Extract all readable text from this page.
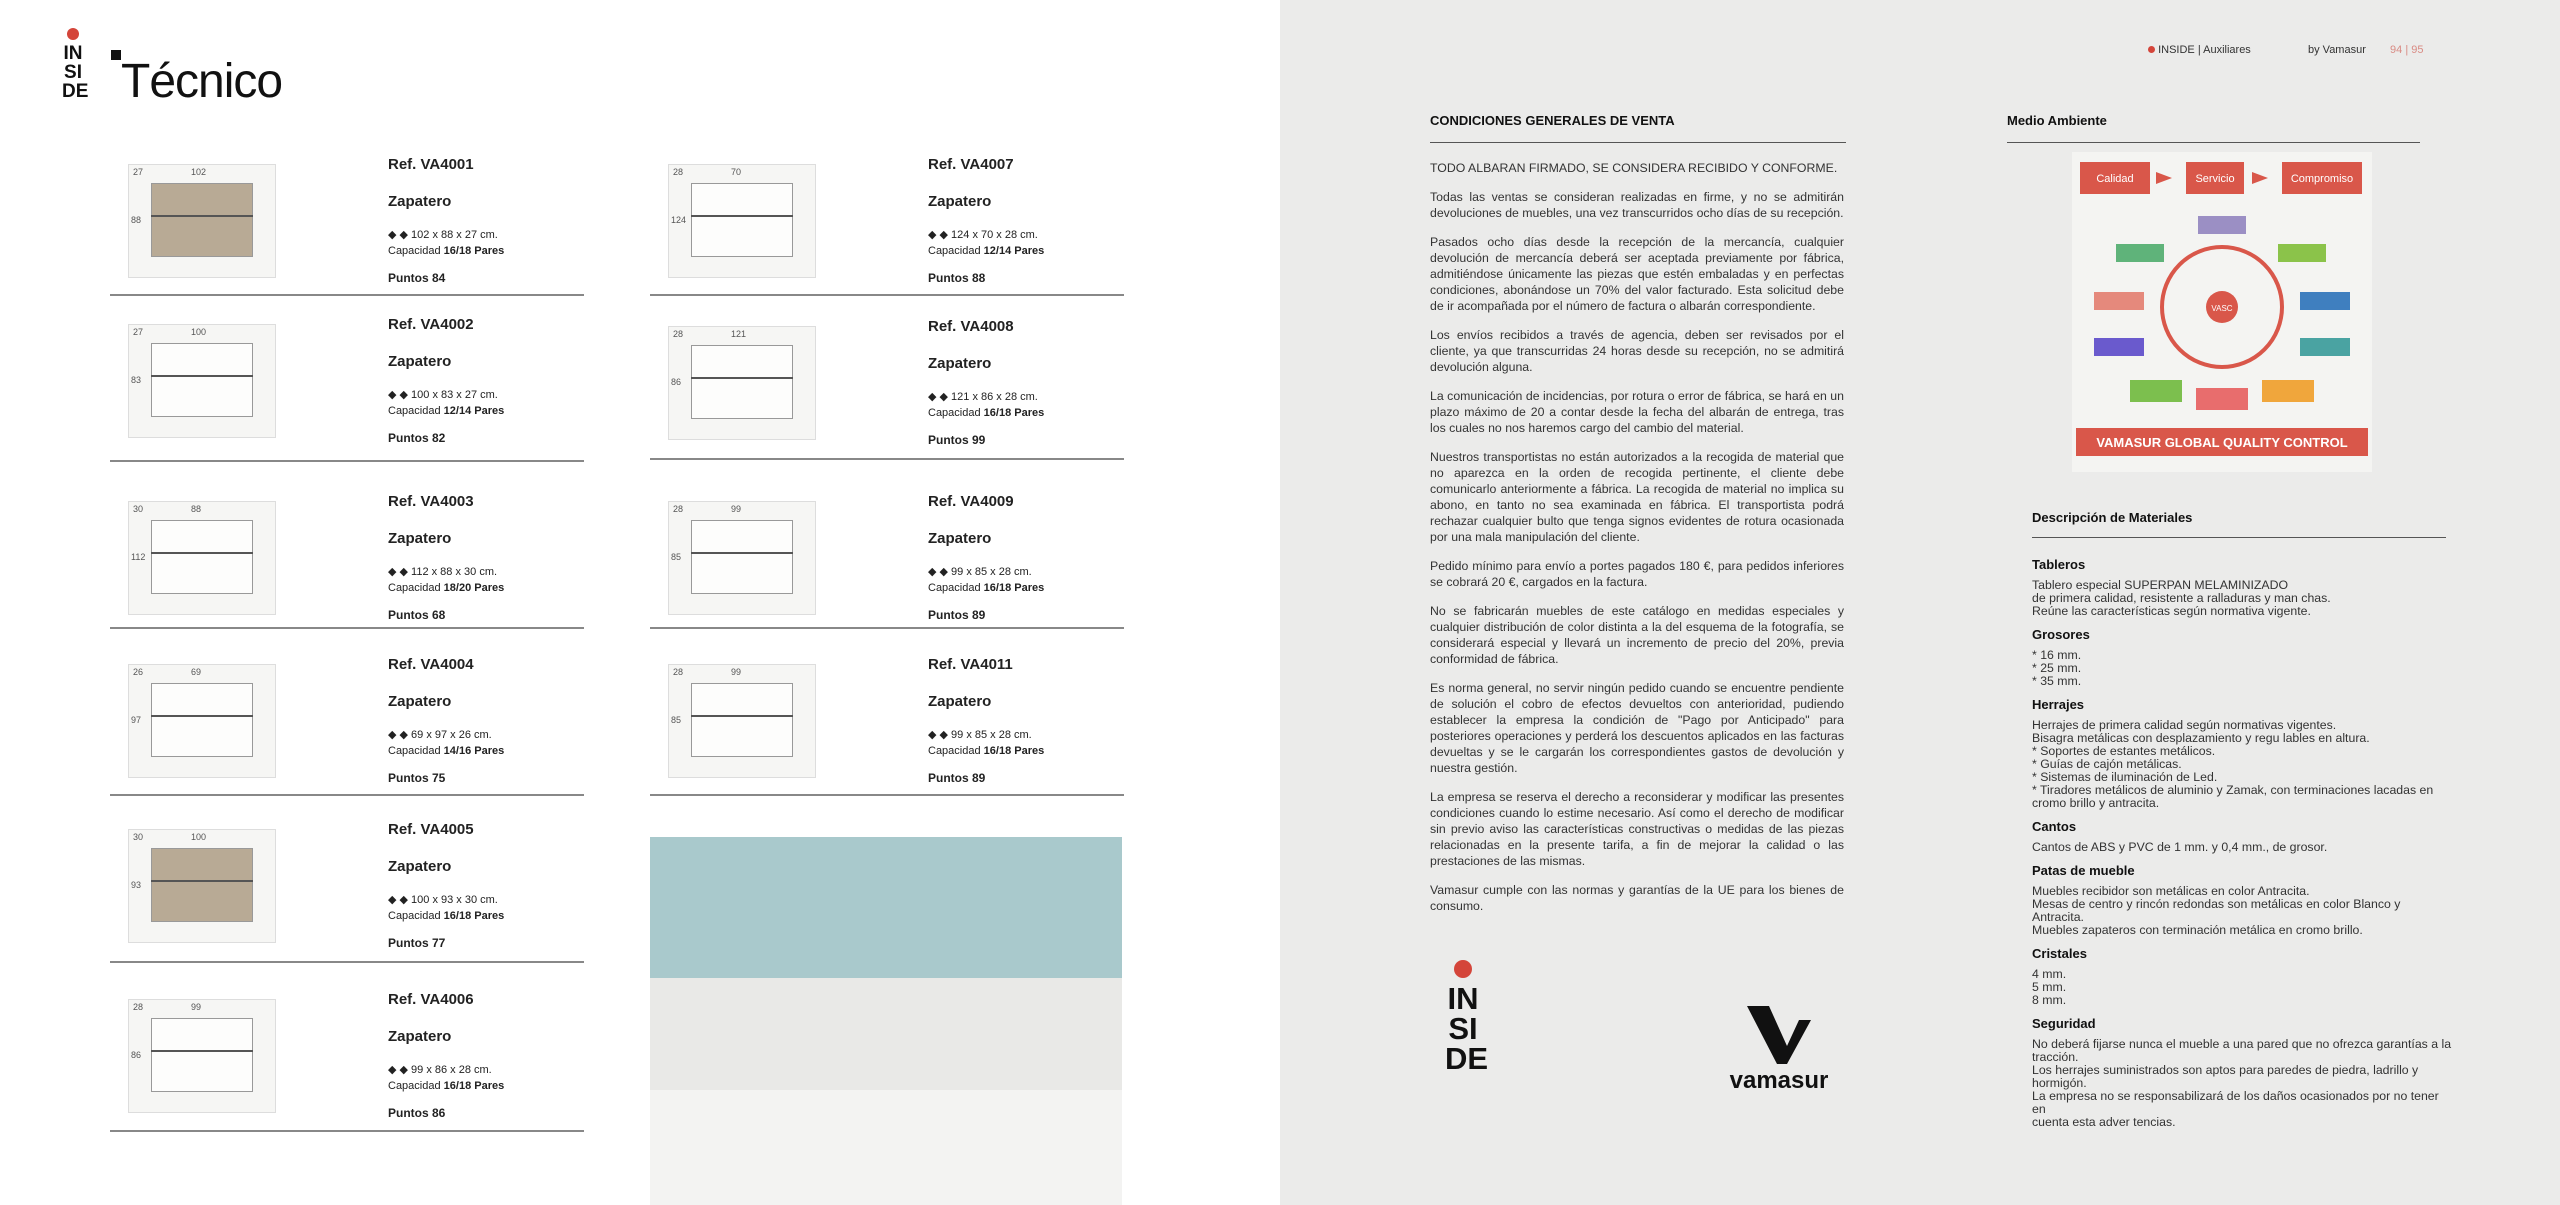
IN
SI
DE Técnico
102
88
27	Ref. VA4001
Zapatero
◆ ◆ 102 x 88 x 27 cm.
Capacidad 16/18 Pares
Puntos 84
100
83
27	Ref. VA4002
Zapatero
◆ ◆ 100 x 83 x 27 cm.
Capacidad 12/14 Pares
Puntos 82
88
112
30	Ref. VA4003
Zapatero
◆ ◆ 112 x 88 x 30 cm.
Capacidad 18/20 Pares
Puntos 68
69
97
26	Ref. VA4004
Zapatero
◆ ◆ 69 x 97 x 26 cm.
Capacidad 14/16 Pares
Puntos 75
100
93
30	Ref. VA4005
Zapatero
◆ ◆ 100 x 93 x 30 cm.
Capacidad 16/18 Pares
Puntos 77
99
86
28	Ref. VA4006
Zapatero
◆ ◆ 99 x 86 x 28 cm.
Capacidad 16/18 Pares
Puntos 86
70
124
28	Ref. VA4007
Zapatero
◆ ◆ 124 x 70 x 28 cm.
Capacidad 12/14 Pares
Puntos 88
121
86
28	Ref. VA4008
Zapatero
◆ ◆ 121 x 86 x 28 cm.
Capacidad 16/18 Pares
Puntos 99
99
85
28	Ref. VA4009
Zapatero
◆ ◆ 99 x 85 x 28 cm.
Capacidad 16/18 Pares
Puntos 89
99
85
28	Ref. VA4011
Zapatero
◆ ◆ 99 x 85 x 28 cm.
Capacidad 16/18 Pares
Puntos 89
INSIDE | Auxiliares	by Vamasur 94 | 95
CONDICIONES GENERALES DE VENTA

TODO ALBARAN FIRMADO, SE CONSIDERA RECIBIDO Y CONFORME.

Todas las ventas se consideran realizadas en firme, y no se admitirán devoluciones de muebles, una vez transcurridos ocho días de su recepción.

Pasados ocho días desde la recepción de la mercancía, cualquier devolución de mercancía deberá ser aceptada previamente por fábrica, admitiéndose únicamente las piezas que estén embaladas y en perfectas condiciones, abonándose un 70% del valor facturado. Esta solicitud debe de ir acompañada por el número de factura o albarán correspondiente.

Los envíos recibidos a través de agencia, deben ser revisados por el cliente, ya que transcurridas 24 horas desde su recepción, no se admitirá devolución alguna.

La comunicación de incidencias, por rotura o error de fábrica, se hará en un plazo máximo de 20 a contar desde la fecha del albarán de entrega, tras los cuales no nos haremos cargo del cambio del material.

Nuestros transportistas no están autorizados a la recogida de material que no aparezca en la orden de recogida pertinente, el cliente debe comunicarlo anteriormente a fábrica. La recogida de material no implica su abono, en tanto no sea examinada en fábrica. El transportista podrá rechazar cualquier bulto que tenga signos evidentes de rotura ocasionada por una mala manipulación del cliente.

Pedido mínimo para envío a portes pagados 180 €, para pedidos inferiores se cobrará 20 €, cargados en la factura.

No se fabricarán muebles de este catálogo en medidas especiales y cualquier distribución de color distinta a la del esquema de la fotografía, se considerará especial y llevará un incremento de precio del 20%, previa conformidad de fábrica.

Es norma general, no servir ningún pedido cuando se encuentre pendiente de solución el cobro de efectos devueltos con anterioridad, pudiendo establecer la empresa la condición de "Pago por Anticipado" para posteriores operaciones y perderá los descuentos aplicados en las facturas devueltas y se le cargarán los correspondientes gastos de devolución y nuestra gestión.

La empresa se reserva el derecho a reconsiderar y modificar las presentes condiciones cuando lo estime necesario. Así como el derecho de modificar sin previo aviso las características constructivas o medidas de las piezas relacionadas en la presente tarifa, a fin de mejorar la calidad o las prestaciones de las mismas.

Vamasur cumple con las normas y garantías de la UE para los bienes de consumo.

Medio Ambiente
Calidad	Servicio	Compromiso
VASC
VAMASUR GLOBAL QUALITY CONTROL
Descripción de Materiales
Tableros

Tablero especial SUPERPAN MELAMINIZADO
de primera calidad, resistente a ralladuras y man chas.
Reúne las características según normativa vigente.

Grosores

* 16 mm.
* 25 mm.
* 35 mm.

Herrajes

Herrajes de primera calidad según normativas vigentes.
Bisagra metálicas con desplazamiento y regu lables en altura.
* Soportes de estantes metálicos.
* Guías de cajón metálicas.
* Sistemas de iluminación de Led.
* Tiradores metálicos de aluminio y Zamak, con terminaciones lacadas en
cromo brillo y antracita.

Cantos

Cantos de ABS y PVC de 1 mm. y 0,4 mm., de grosor.

Patas de mueble

Muebles recibidor son metálicas en color Antracita.
Mesas de centro y rincón redondas son metálicas en color Blanco y Antracita.
Muebles zapateros con terminación metálica en cromo brillo.

Cristales

4 mm.
5 mm.
8 mm.

Seguridad

No deberá fijarse nunca el mueble a una pared que no ofrezca garantías a la
tracción.
Los herrajes suministrados son aptos para paredes de piedra, ladrillo y
hormigón.
La empresa no se responsabilizará de los daños ocasionados por no tener en
cuenta esta adver tencias.

IN
SI
DE
vamasur
